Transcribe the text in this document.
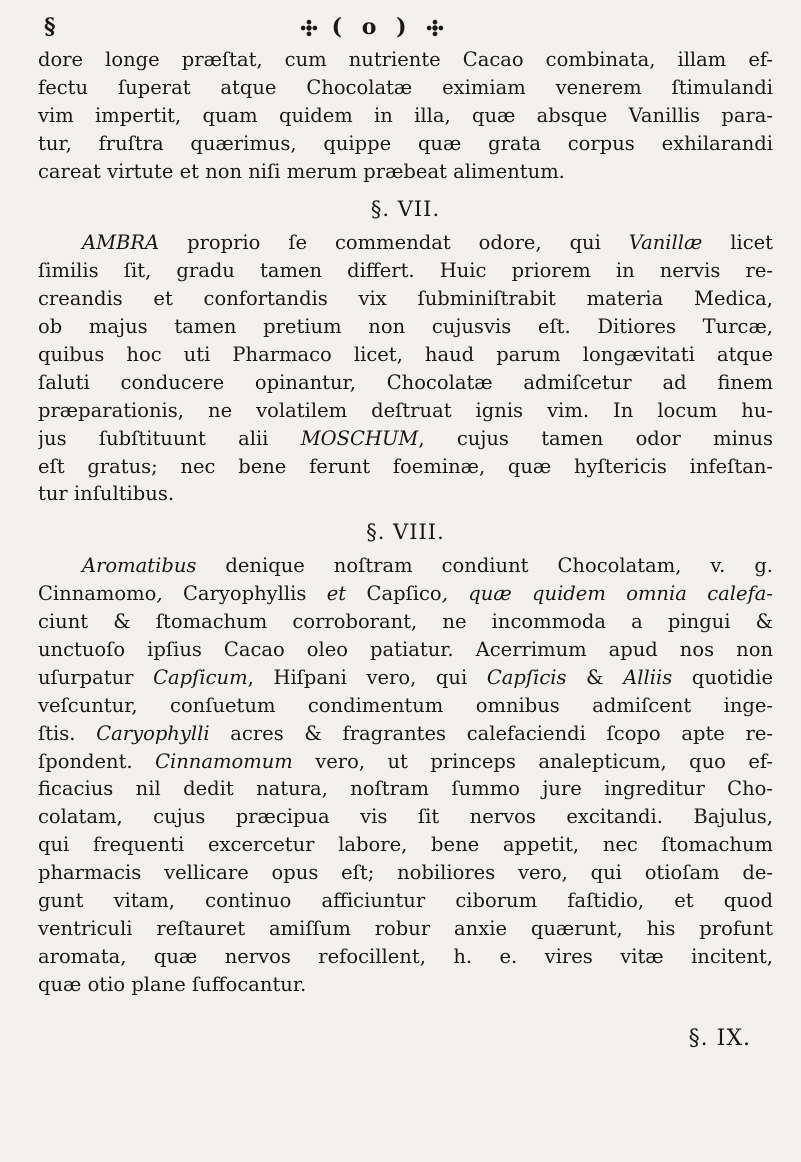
§	( o )
dore longe præſtat, cum nutriente Cacao combinata, illam ef-
fectu ſuperat atque Chocolatæ eximiam venerem ſtimulandi
vim impertit, quam quidem in illa, quæ absque Vanillis para-
tur, fruſtra quærimus, quippe quæ grata corpus exhilarandi
careat virtute et non niſi merum præbeat alimentum.
§. VII.
AMBRA proprio ſe commendat odore, qui Vanillæ licet
ſimilis ſit, gradu tamen differt. Huic priorem in nervis re-
creandis et confortandis vix ſubminiſtrabit materia Medica,
ob majus tamen pretium non cujusvis eſt. Ditiores Turcæ,
quibus hoc uti Pharmaco licet, haud parum longævitati atque
ſaluti conducere opinantur, Chocolatæ admiſcetur ad finem
præparationis, ne volatilem deſtruat ignis vim. In locum hu-
jus ſubſtituunt alii MOSCHUM, cujus tamen odor minus
eſt gratus; nec bene ferunt foeminæ, quæ hyſtericis infeſtan-
tur inſultibus.
§. VIII.
Aromatibus denique noſtram condiunt Chocolatam, v. g.
Cinnamomo, Caryophyllis et Capſico, quæ quidem omnia calefa-
ciunt & ſtomachum corroborant, ne incommoda a pingui &
unctuoſo ipſius Cacao oleo patiatur. Acerrimum apud nos non
uſurpatur Capſicum, Hiſpani vero, qui Capſicis & Alliis quotidie
veſcuntur, conſuetum condimentum omnibus admiſcent inge-
ſtis. Caryophylli acres & fragrantes calefaciendi ſcopo apte re-
ſpondent. Cinnamomum vero, ut princeps analepticum, quo ef-
ficacius nil dedit natura, noſtram ſummo jure ingreditur Cho-
colatam, cujus præcipua vis ſit nervos excitandi. Bajulus,
qui frequenti excercetur labore, bene appetit, nec ſtomachum
pharmacis vellicare opus eſt; nobiliores vero, qui otioſam de-
gunt vitam, continuo afficiuntur ciborum faſtidio, et quod
ventriculi reſtauret amiſſum robur anxie quærunt, his profunt
aromata, quæ nervos refocillent, h. e. vires vitæ incitent,
quæ otio plane ſuffocantur.
§. IX.
